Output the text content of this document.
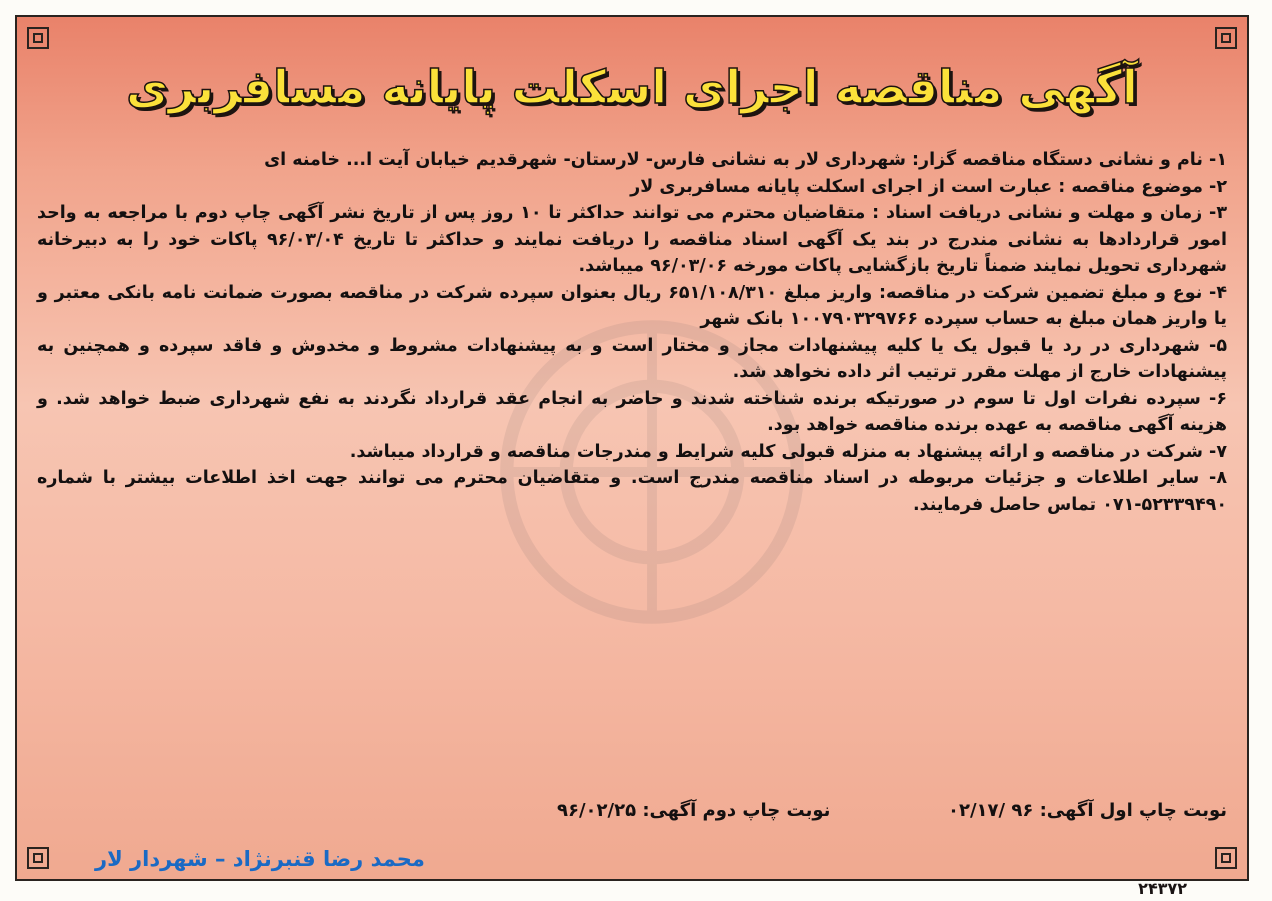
آگهی مناقصه اجرای اسکلت پایانه مسافربری

۱- نام و نشانی دستگاه مناقصه گزار: شهرداری لار به نشانی فارس- لارستان- شهرقدیم خیابان آیت ا... خامنه ای

۲- موضوع مناقصه : عبارت است از اجرای اسکلت پایانه مسافربری لار

۳- زمان و مهلت و نشانی دریافت اسناد : متقاضیان محترم می توانند حداکثر تا ۱۰ روز پس از تاریخ نشر آگهی چاپ دوم با مراجعه به واحد امور قراردادها به نشانی مندرج در بند یک آگهی اسناد مناقصه را دریافت نمایند و حداکثر تا تاریخ ۹۶/۰۳/۰۴ پاکات خود را به دبیرخانه شهرداری تحویل نمایند ضمناً تاریخ بازگشایی پاکات مورخه ۹۶/۰۳/۰۶ میباشد.

۴- نوع و مبلغ تضمین شرکت در مناقصه: واریز مبلغ ۶۵۱/۱۰۸/۳۱۰ ریال بعنوان سپرده شرکت در مناقصه بصورت ضمانت نامه بانکی معتبر و یا واریز همان مبلغ به حساب سپرده ۱۰۰۷۹۰۳۲۹۷۶۶ بانک شهر

۵- شهرداری در رد یا قبول یک یا کلیه پیشنهادات مجاز و مختار است و به پیشنهادات مشروط و مخدوش و فاقد سپرده و همچنین به پیشنهادات خارج از مهلت مقرر ترتیب اثر داده نخواهد شد.

۶- سپرده نفرات اول تا سوم در صورتیکه برنده شناخته شدند و حاضر به انجام عقد قرارداد نگردند به نفع شهرداری ضبط خواهد شد. و هزینه آگهی مناقصه به عهده برنده مناقصه خواهد بود.

۷- شرکت در مناقصه و ارائه پیشنهاد به منزله قبولی کلیه شرایط و مندرجات مناقصه و قرارداد میباشد.

۸- سایر اطلاعات و جزئیات مربوطه در اسناد مناقصه مندرج است. و متقاضیان محترم می توانند جهت اخذ اطلاعات بیشتر با شماره ۵۲۳۳۹۴۹۰-۰۷۱ تماس حاصل فرمایند.

نوبت چاپ اول آگهی: ۹۶ /۰۲/۱۷
نوبت چاپ دوم آگهی: ۹۶/۰۲/۲۵
محمد رضا قنبرنژاد – شهردار لار
۲۴۳۷۲
